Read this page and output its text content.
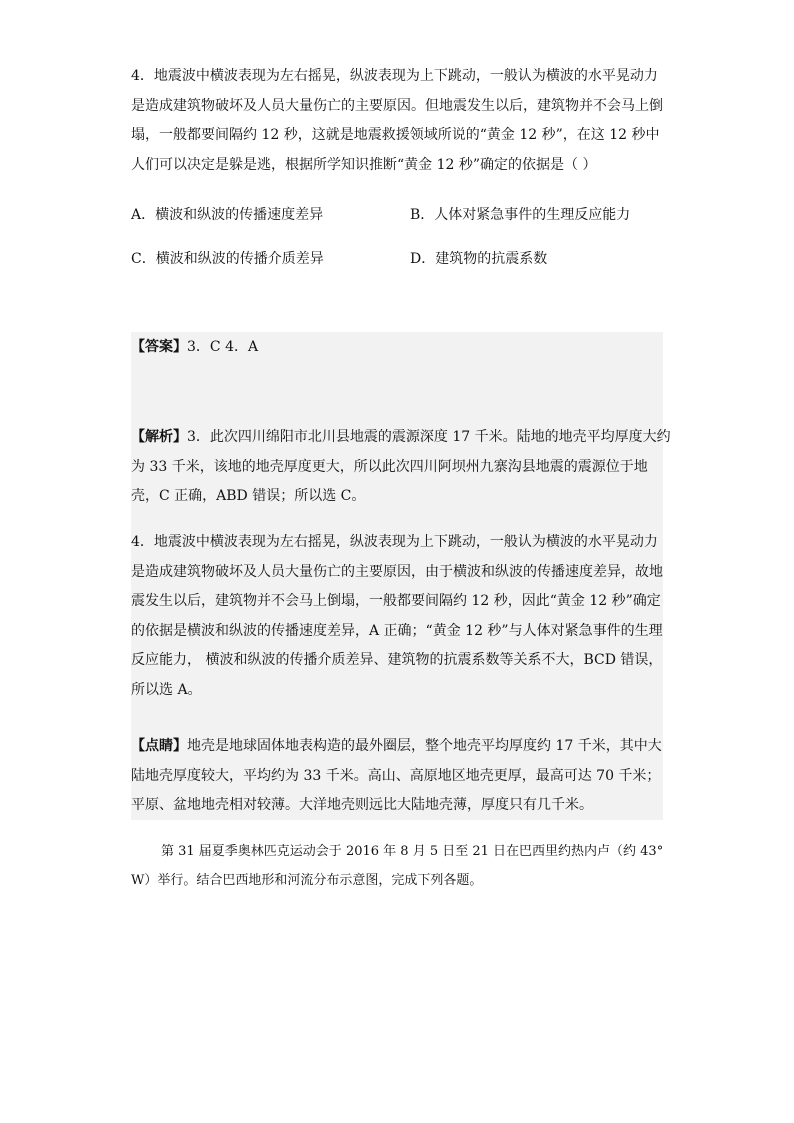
4．地震波中横波表现为左右摇晃，纵波表现为上下跳动，一般认为横波的水平晃动力是造成建筑物破坏及人员大量伤亡的主要原因。但地震发生以后，建筑物并不会马上倒塌，一般都要间隔约 12 秒，这就是地震救援领域所说的“黄金 12 秒”，在这 12 秒中人们可以决定是躲是逃，根据所学知识推断“黄金 12 秒”确定的依据是（ ）
A．横波和纵波的传播速度差异	B．人体对紧急事件的生理反应能力
C．横波和纵波的传播介质差异	D．建筑物的抗震系数
【答案】3．C 4．A
【解析】3．此次四川绵阳市北川县地震的震源深度 17 千米。陆地的地壳平均厚度大约为 33 千米，该地的地壳厚度更大，所以此次四川阿坝州九寨沟县地震的震源位于地壳，C 正确，ABD 错误；所以选 C。
4．地震波中横波表现为左右摇晃，纵波表现为上下跳动，一般认为横波的水平晃动力是造成建筑物破坏及人员大量伤亡的主要原因，由于横波和纵波的传播速度差异，故地震发生以后，建筑物并不会马上倒塌，一般都要间隔约 12 秒，因此“黄金 12 秒”确定的依据是横波和纵波的传播速度差异，A 正确；“黄金 12 秒”与人体对紧急事件的生理反应能力， 横波和纵波的传播介质差异、建筑物的抗震系数等关系不大，BCD 错误，所以选 A。
【点睛】地壳是地球固体地表构造的最外圈层，整个地壳平均厚度约 17 千米，其中大陆地壳厚度较大，平均约为 33 千米。高山、高原地区地壳更厚，最高可达 70 千米；平原、盆地地壳相对较薄。大洋地壳则远比大陆地壳薄，厚度只有几千米。
第 31 届夏季奥林匹克运动会于 2016 年 8 月 5 日至 21 日在巴西里约热内卢（约 43° W）举行。结合巴西地形和河流分布示意图，完成下列各题。
